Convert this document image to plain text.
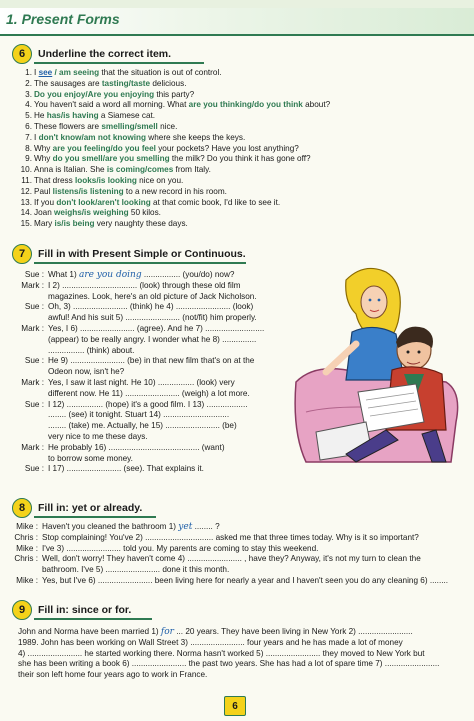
1. Present Forms
6	Underline the correct item.
1. I see / am seeing that the situation is out of control.
2. The sausages are tasting/taste delicious.
3. Do you enjoy/Are you enjoying this party?
4. You haven't said a word all morning. What are you thinking/do you think about?
5. He has/is having a Siamese cat.
6. These flowers are smelling/smell nice.
7. I don't know/am not knowing where she keeps the keys.
8. Why are you feeling/do you feel your pockets? Have you lost anything?
9. Why do you smell/are you smelling the milk? Do you think it has gone off?
10. Anna is Italian. She is coming/comes from Italy.
11. That dress looks/is looking nice on you.
12. Paul listens/is listening to a new record in his room.
13. If you don't look/aren't looking at that comic book, I'd like to see it.
14. Joan weighs/is weighing 50 kilos.
15. Mary is/is being very naughty these days.
7	Fill in with Present Simple or Continuous.
Sue : What 1) are you doing ................ (you/do) now?
Mark : I 2) ................................. (look) through these old film
magazines. Look, here's an old picture of Jack Nicholson.
Sue : Oh, 3) ........................ (think) he 4) ........................ (look)
awful! And his suit 5) ........................ (not/fit) him properly.
Mark : Yes, I 6) ........................ (agree). And he 7) ..........................
(appear) to be really angry. I wonder what he 8) ...............
................ (think) about.
Sue : He 9) ........................ (be) in that new film that's on at the
Odeon now, isn't he?
Mark : Yes, I saw it last night. He 10) ................ (look) very
different now. He 11) ........................ (weigh) a lot more.
Sue : I 12) ................ (hope) it's a good film. I 13) ..................
........ (see) it tonight. Stuart 14) .............................
........ (take) me. Actually, he 15) ........................ (be)
very nice to me these days.
Mark : He probably 16) ........................................ (want)
to borrow some money.
Sue : I 17) ........................ (see). That explains it.
8	Fill in: yet or already.
Mike : Haven't you cleaned the bathroom 1) yet ........ ?
Chris : Stop complaining! You've 2) .............................. asked me that three times today. Why is it so important?
Mike : I've 3) ........................ told you. My parents are coming to stay this weekend.
Chris : Well, don't worry! They haven't come 4) ........................ , have they? Anyway, it's not my turn to clean the
bathroom. I've 5) ........................ done it this month.
Mike : Yes, but I've 6) ........................ been living here for nearly a year and I haven't seen you do any cleaning 6) ........
9	Fill in: since or for.
John and Norma have been married 1) for ... 20 years. They have been living in New York 2) ........................
1989. John has been working on Wall Street 3) ........................ four years and he has made a lot of money
4) ........................ he started working there. Norma hasn't worked 5) ........................ they moved to New York but
she has been writing a book 6) ........................ the past two years. She has had a lot of spare time 7) ........................
their son left home four years ago to work in France.
6
